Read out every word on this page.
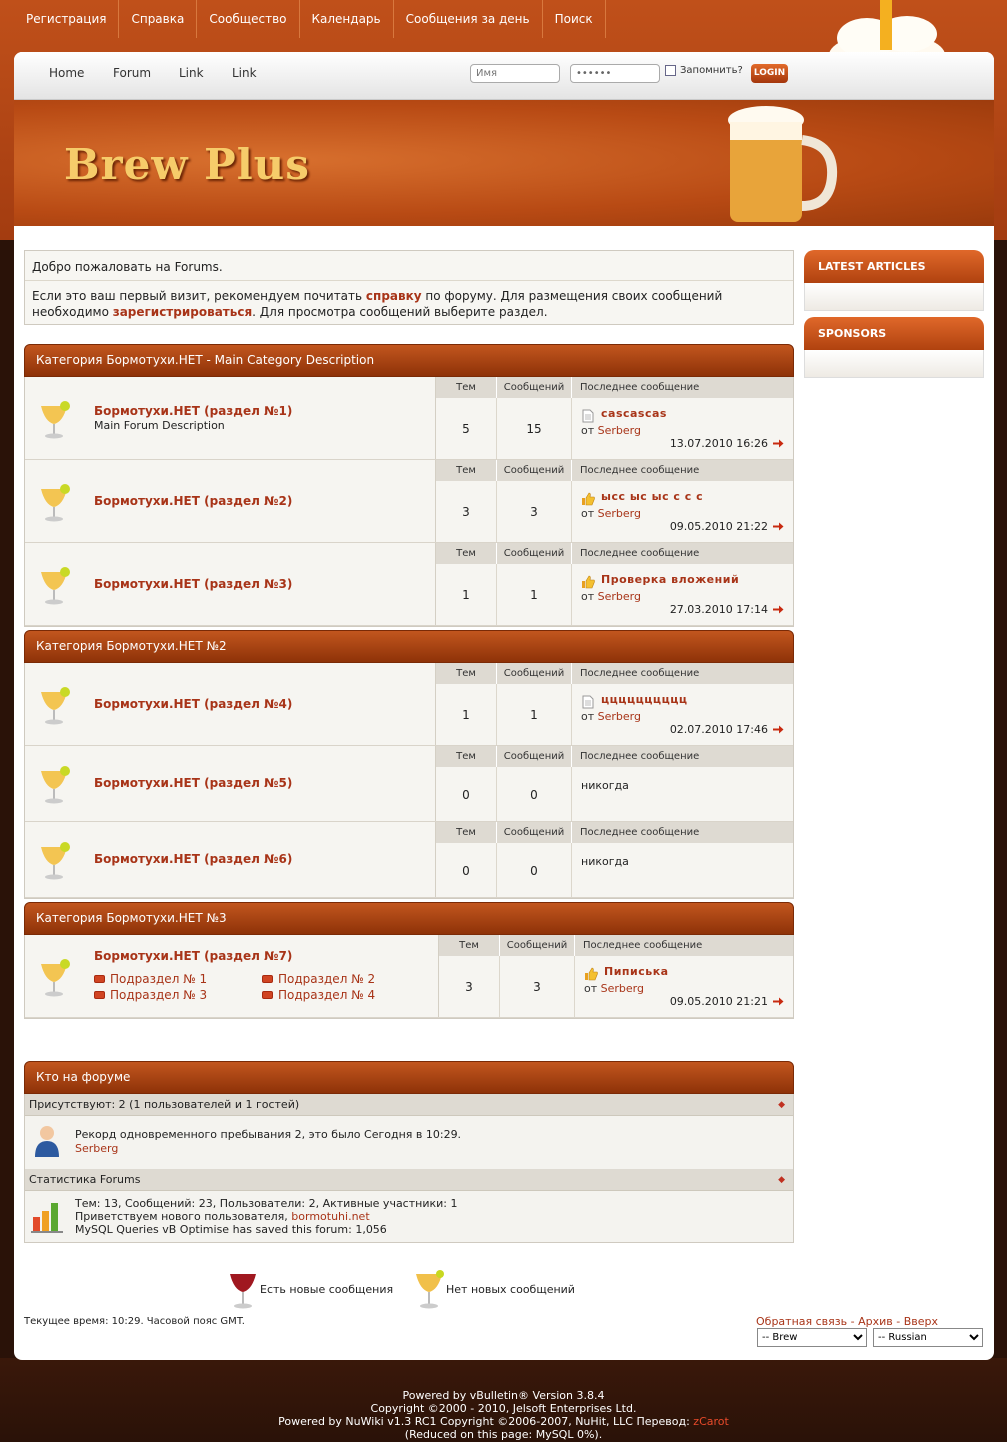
Регистрация	Справка	Сообщество	Календарь	Сообщения за день	Поиск
Home Forum Link Link
Имя
••••••	Запомнить?	LOGIN
Brew Plus
Добро пожаловать на Forums.
Если это ваш первый визит, рекомендуем почитать справку по форуму. Для размещения своих сообщений необходимо зарегистрироваться. Для просмотра сообщений выберите раздел.
Категория Бормотухи.НЕТ - Main Category Description
Бормотухи.НЕТ (раздел №1)
Main Forum Description
Тем	Сообщений	Последнее сообщение
5	15
cascascas
от Serberg
13.07.2010 16:26
Бормотухи.НЕТ (раздел №2)
Тем	Сообщений	Последнее сообщение
3	3
ысс ыс ыс с с с
от Serberg
09.05.2010 21:22
Бормотухи.НЕТ (раздел №3)
Тем	Сообщений	Последнее сообщение
1	1
Проверка вложений
от Serberg
27.03.2010 17:14
Категория Бормотухи.НЕТ №2
Бормотухи.НЕТ (раздел №4)
Тем	Сообщений	Последнее сообщение
1	1
цццццццццц
от Serberg
02.07.2010 17:46
Бормотухи.НЕТ (раздел №5)
Тем	Сообщений	Последнее сообщение
0	0
никогда
Бормотухи.НЕТ (раздел №6)
Тем	Сообщений	Последнее сообщение
0	0
никогда
Категория Бормотухи.НЕТ №3
Бормотухи.НЕТ (раздел №7)
Подраздел № 1	Подраздел № 2
Подраздел № 3	Подраздел № 4
Тем	Сообщений	Последнее сообщение
3	3
Пиписька
от Serberg
09.05.2010 21:21
Кто на форуме
Присутствуют: 2 (1 пользователей и 1 гостей)	◆
Рекорд одновременного пребывания 2, это было Сегодня в 10:29.
Serberg
Статистика Forums	◆
Тем: 13, Сообщений: 23, Пользователи: 2, Активные участники: 1
Приветствуем нового пользователя, bormotuhi.net
MySQL Queries vB Optimise has saved this forum: 1,056
Есть новые сообщения	Нет новых сообщений
Текущее время: 10:29. Часовой пояс GMT.	Обратная связь - Архив - Вверх
LATEST ARTICLES
SPONSORS
-- Brew
-- Russian
Powered by vBulletin® Version 3.8.4
Copyright ©2000 - 2010, Jelsoft Enterprises Ltd.
Powered by NuWiki v1.3 RC1 Copyright ©2006-2007, NuHit, LLC Перевод: zCarot
(Reduced on this page: MySQL 0%).
